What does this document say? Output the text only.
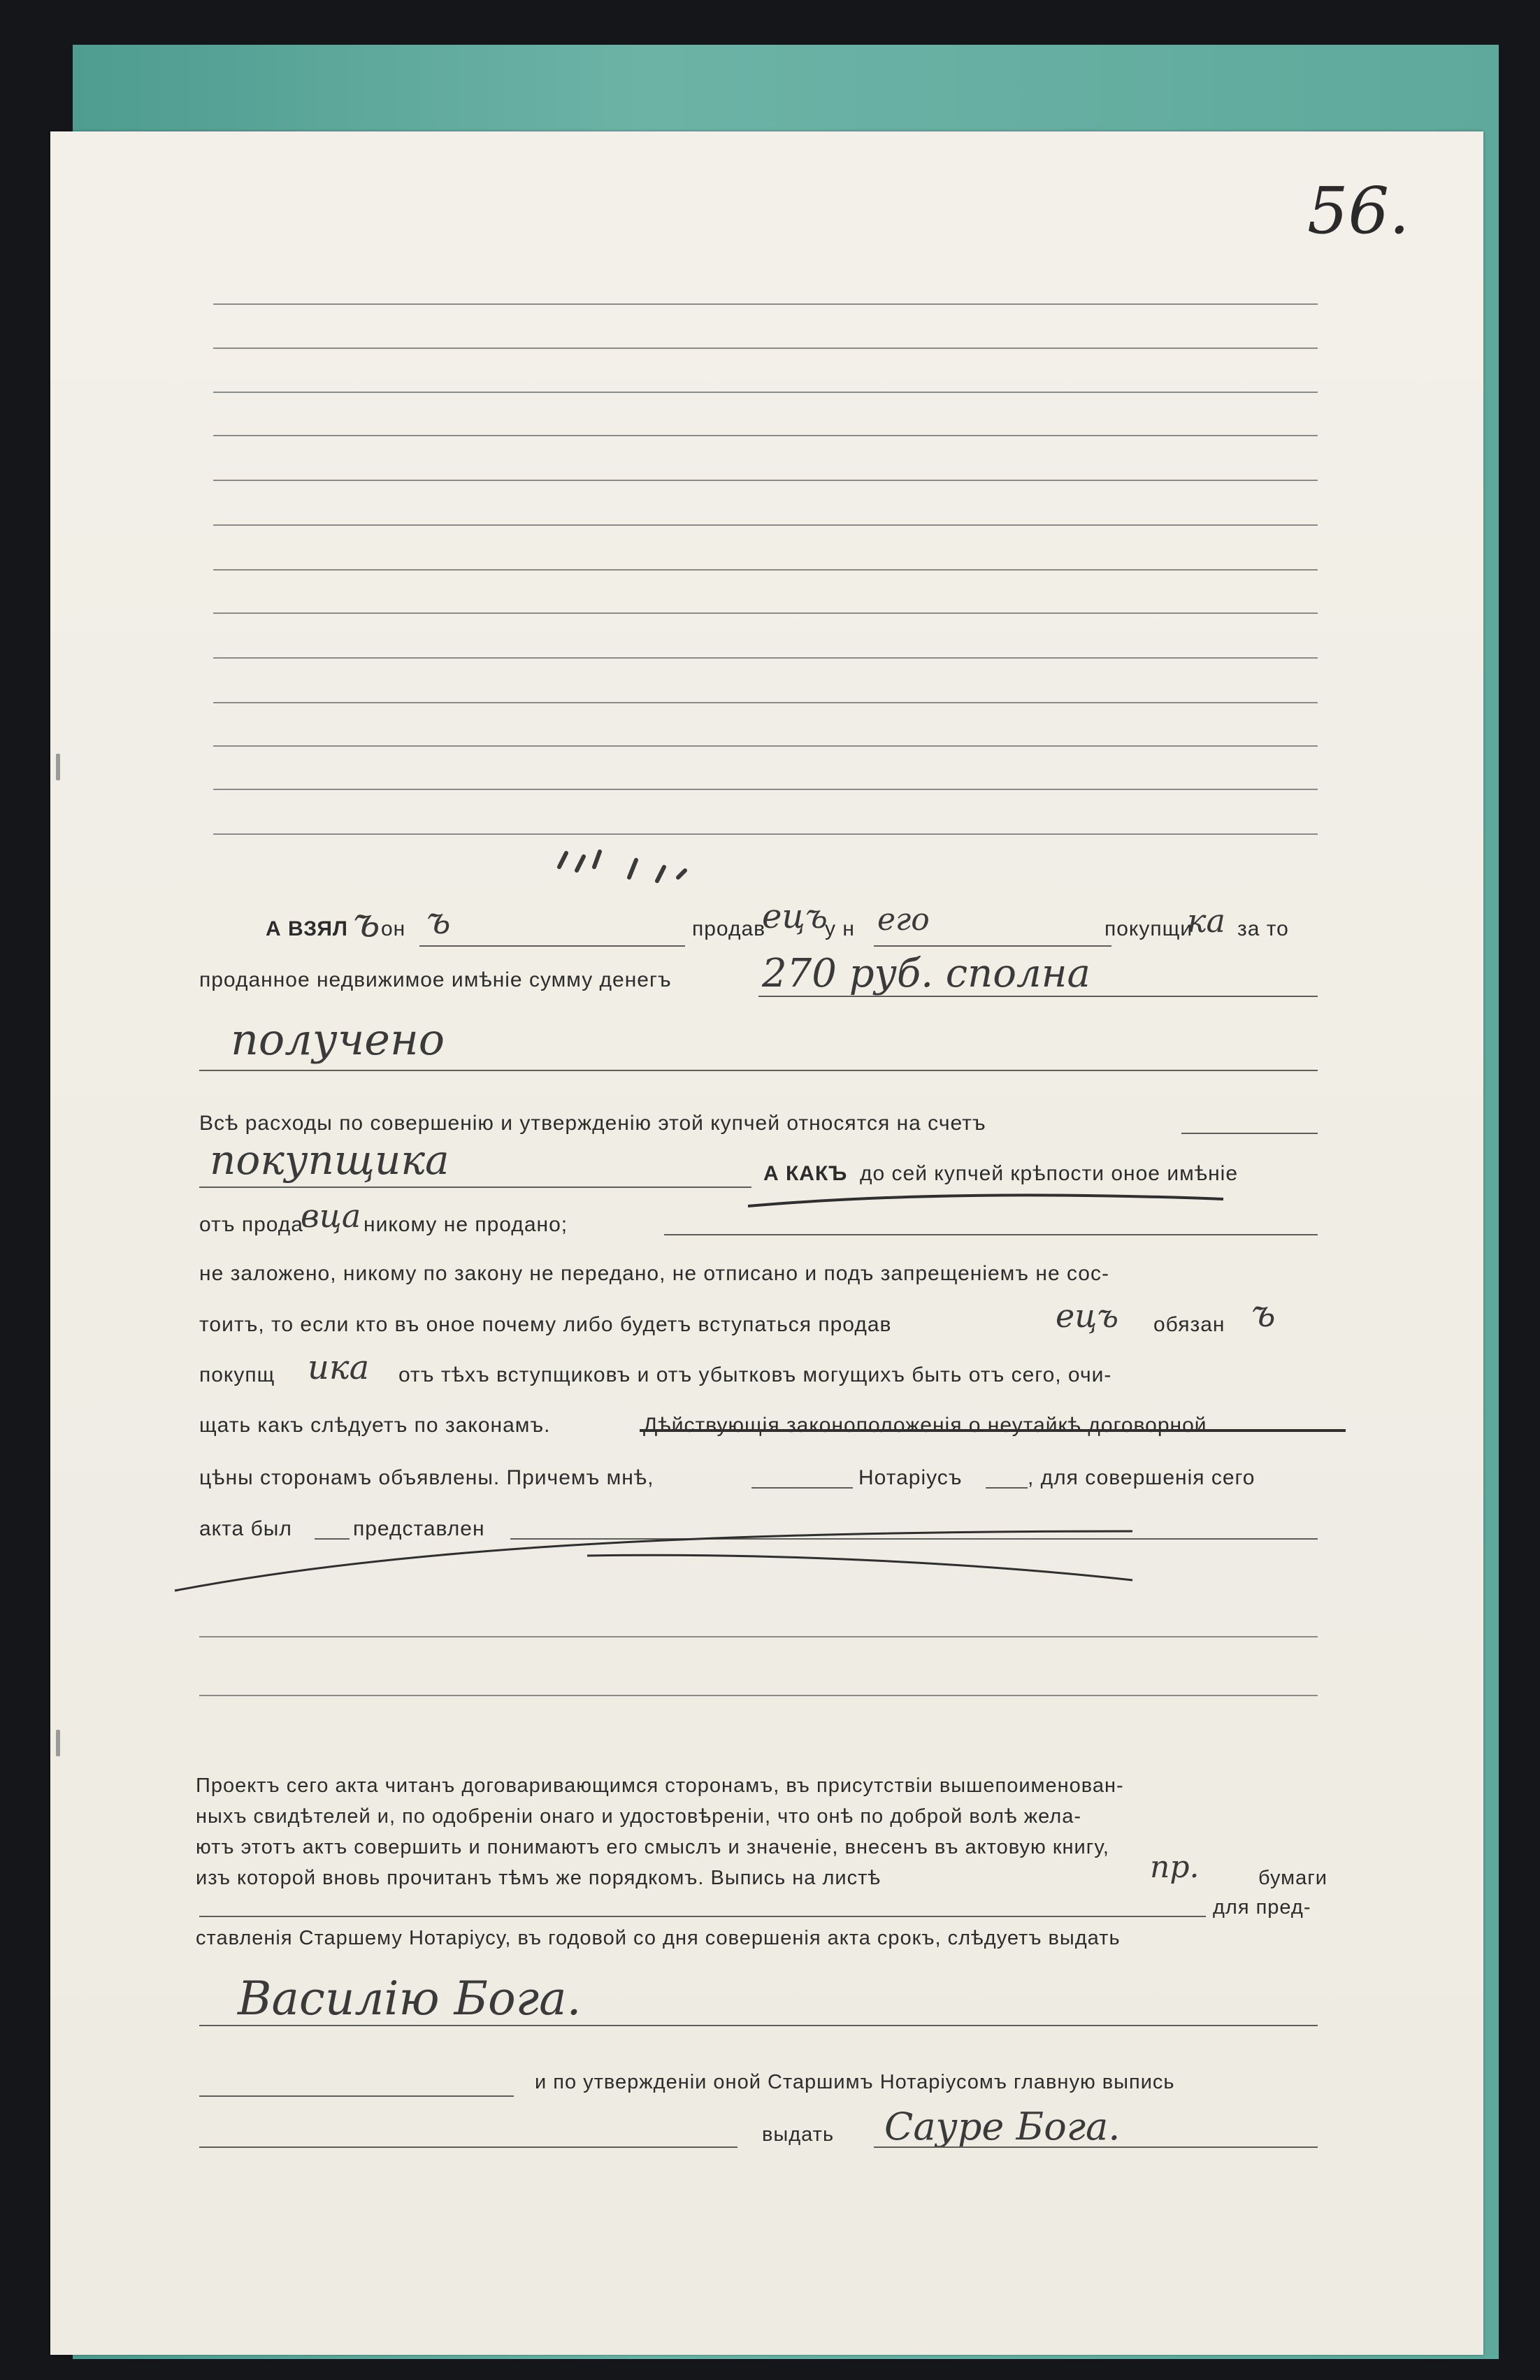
56.
А ВЗЯЛ ъ он ъ	продав
ецъ
у н его	покупщи
ка за то
проданное недвижимое имѣніе сумму денегъ 270 руб. сполна
получено
Всѣ расходы по совершенію и утвержденію этой купчей относятся на счетъ
покупщика	А КАКЪ до сей купчей крѣпости оное имѣніе
отъ прода
вца никому не продано;
не заложено, никому по закону не передано, не отписано и подъ запрещеніемъ не сос-
тоитъ, то если кто въ оное почему либо будетъ вступаться продав	ецъ обязан ъ
покупщ ика отъ тѣхъ вступщиковъ и отъ убытковъ могущихъ быть отъ сего, очи-
щать какъ слѣдуетъ по законамъ.	Дѣйствующія законоположенія о неутайкѣ договорной
цѣны сторонамъ объявлены. Причемъ мнѣ,	Нотаріусъ	, для совершенія сего
акта был	представлен
Проектъ сего акта читанъ договаривающимся сторонамъ, въ присутствіи вышепоименован-
ныхъ свидѣтелей и, по одобреніи онаго и удостовѣреніи, что онѣ по доброй волѣ жела-
ютъ этотъ актъ совершить и понимаютъ его смыслъ и значеніе, внесенъ въ актовую книгу,
изъ которой вновь прочитанъ тѣмъ же порядкомъ. Выпись на листѣ	пр.	бумаги
для пред-
ставленія Старшему Нотаріусу, въ годовой со дня совершенія акта срокъ, слѣдуетъ выдать
Василію Бога.
и по утвержденіи оной Старшимъ Нотаріусомъ главную выпись
выдать Сауре Бога.
